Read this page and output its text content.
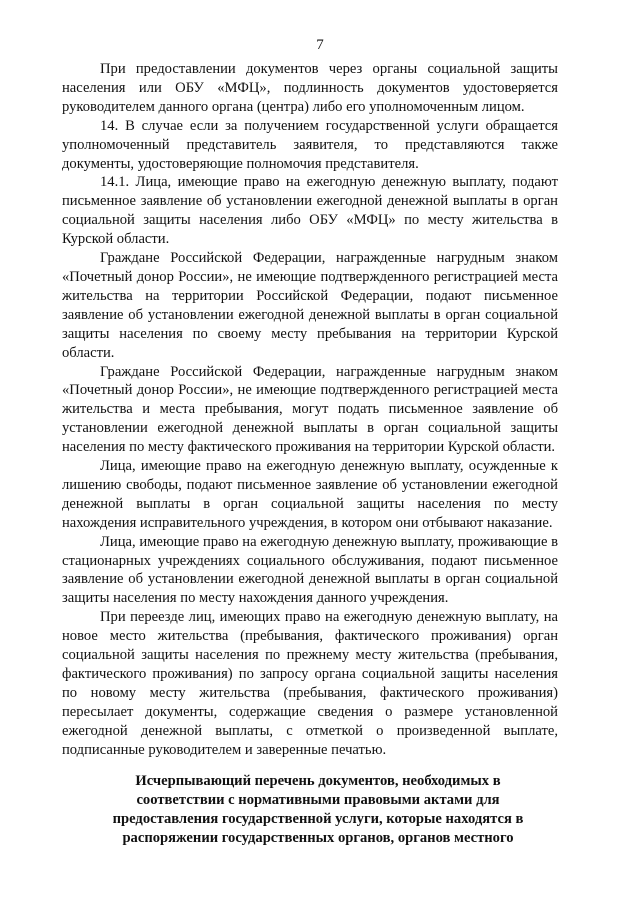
7

При предоставлении документов через органы социальной защиты населения или ОБУ «МФЦ», подлинность документов удостоверяется руководителем данного органа (центра) либо его уполномоченным лицом.

14. В случае если за получением государственной услуги обращается уполномоченный представитель заявителя, то представляются также документы, удостоверяющие полномочия представителя.

14.1. Лица, имеющие право на ежегодную денежную выплату, подают письменное заявление об установлении ежегодной денежной выплаты в орган социальной защиты населения либо ОБУ «МФЦ» по месту жительства в Курской области.

Граждане Российской Федерации, награжденные нагрудным знаком «Почетный донор России», не имеющие подтвержденного регистрацией места жительства на территории Российской Федерации, подают письменное заявление об установлении ежегодной денежной выплаты в орган социальной защиты населения по своему месту пребывания на территории Курской области.

Граждане Российской Федерации, награжденные нагрудным знаком «Почетный донор России», не имеющие подтвержденного регистрацией места жительства и места пребывания, могут подать письменное заявление об установлении ежегодной денежной выплаты в орган социальной защиты населения по месту фактического проживания на территории Курской области.

Лица, имеющие право на ежегодную денежную выплату, осужденные к лишению свободы, подают письменное заявление об установлении ежегодной денежной выплаты в орган социальной защиты населения по месту нахождения исправительного учреждения, в котором они отбывают наказание.

Лица, имеющие право на ежегодную денежную выплату, проживающие в стационарных учреждениях социального обслуживания, подают письменное заявление об установлении ежегодной денежной выплаты в орган социальной защиты населения по месту нахождения данного учреждения.

При переезде лиц, имеющих право на ежегодную денежную выплату, на новое место жительства (пребывания, фактического проживания) орган социальной защиты населения по прежнему месту жительства (пребывания, фактического проживания) по запросу органа социальной защиты населения по новому месту жительства (пребывания, фактического проживания) пересылает документы, содержащие сведения о размере установленной ежегодной денежной выплаты, с отметкой о произведенной выплате, подписанные руководителем и заверенные печатью.

Исчерпывающий перечень документов, необходимых в
соответствии с нормативными правовыми актами для
предоставления государственной услуги, которые находятся в
распоряжении государственных органов, органов местного
